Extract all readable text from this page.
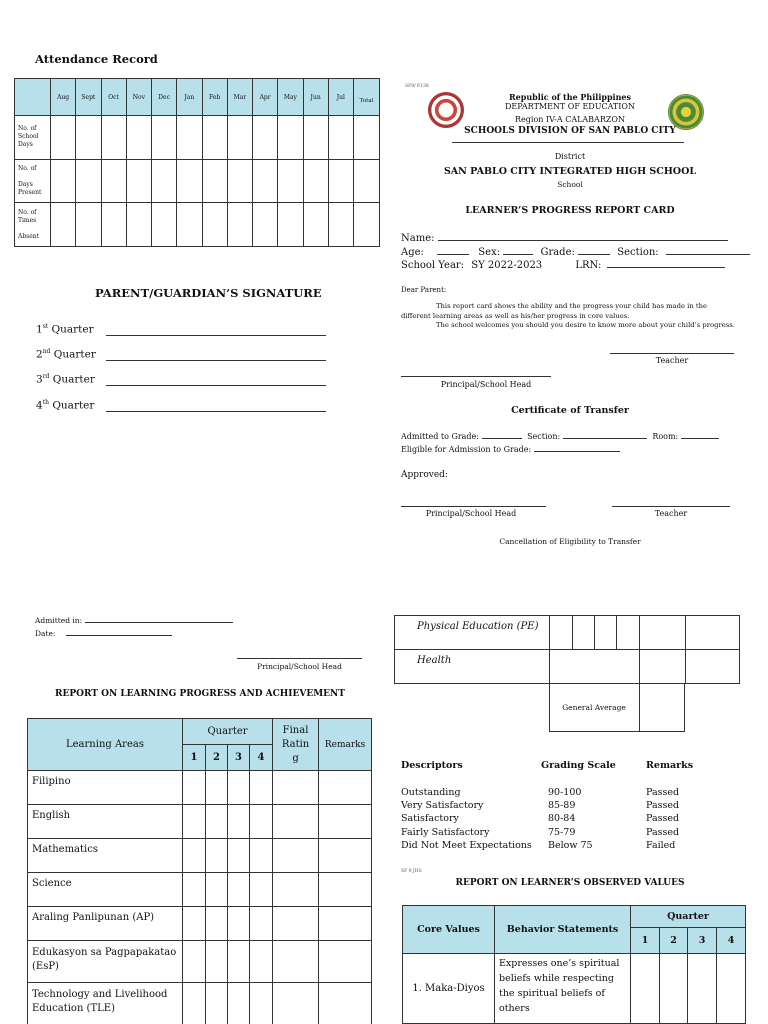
Attendance Record
	Aug	Sept	Oct	Nov	Dec	Jan	Feb	Mar	Apr	May	Jun	Jul	Total

No. of
School
Days													

No. of
Days
Present													

No. of
Times
Absent													

PARENT/GUARDIAN’S SIGNATURE
1st Quarter
2nd Quarter
3rd Quarter
4th Quarter
SF9/ F138
Republic of the Philippines
DEPARTMENT OF EDUCATION
Region IV-A CALABARZON
SCHOOLS DIVISION OF SAN PABLO CITY
District
SAN PABLO CITY INTEGRATED HIGH SCHOOL
School
LEARNER’S PROGRESS REPORT CARD
Name:
Age:	Sex:	Grade:	Section:
School Year: SY 2022-2023	LRN:
Dear Parent:

This report card shows the ability and the progress your child has made in the different learning areas as well as his/her progress in core values.

The school welcomes you should you desire to know more about your child’s progress.

Teacher
Principal/School Head
Certificate of Transfer
Admitted to Grade:	Section:	Room:
Eligible for Admission to Grade:
Approved:
Principal/School Head	Teacher
Cancellation of Eligibility to Transfer
Admitted in:
Date:
Principal/School Head
REPORT ON LEARNING PROGRESS AND ACHIEVEMENT
Learning Areas	Quarter				Final
Ratin
g	Remarks
	1	2	3	4		
Filipino						
English						
Mathematics						
Science						
Araling Panlipunan (AP)						
Edukasyon sa Pagpapakatao (EsP)						
Technology and Livelihood Education (TLE)						
Physical Education (PE)						
Health						
General Average
Descriptors	Grading Scale	Remarks
Outstanding	90-100	Passed
Very Satisfactory	85-89	Passed
Satisfactory	80-84	Passed
Fairly Satisfactory	75-79	Passed
Did Not Meet Expectations Below 75	Failed
SF 9 JHS
REPORT ON LEARNER’S OBSERVED VALUES
Core Values	Behavior Statements	Quarter			
		1	2	3	4
1. Maka-Diyos	Expresses one’s spiritual beliefs while respecting the spiritual beliefs of others				
